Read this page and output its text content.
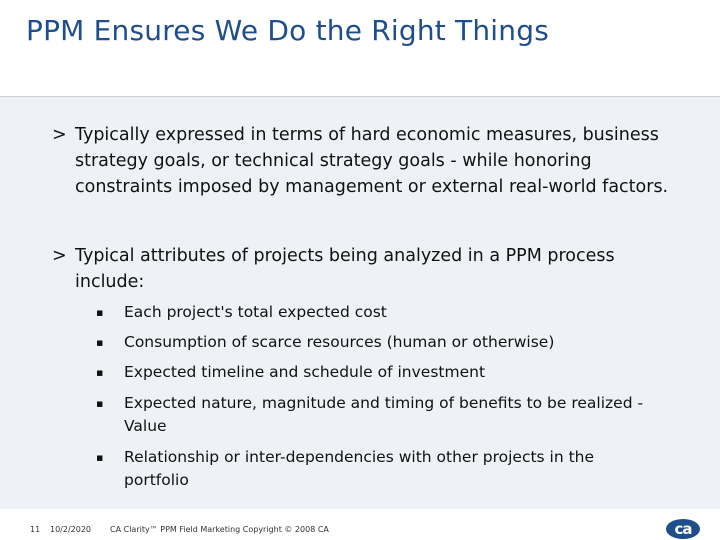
PPM Ensures We Do the Right Things
> Typically expressed in terms of hard economic measures, business strategy goals, or technical strategy goals - while honoring constraints imposed by management or external real-world factors.
> Typical attributes of projects being analyzed in a PPM process include:
▪ Each project's total expected cost
▪ Consumption of scarce resources (human or otherwise)
▪ Expected timeline and schedule of investment
▪ Expected nature, magnitude and timing of benefits to be realized - Value
▪ Relationship or inter-dependencies with other projects in the portfolio
11 10/2/2020 CA Clarity™ PPM Field Marketing Copyright © 2008 CA	ca
